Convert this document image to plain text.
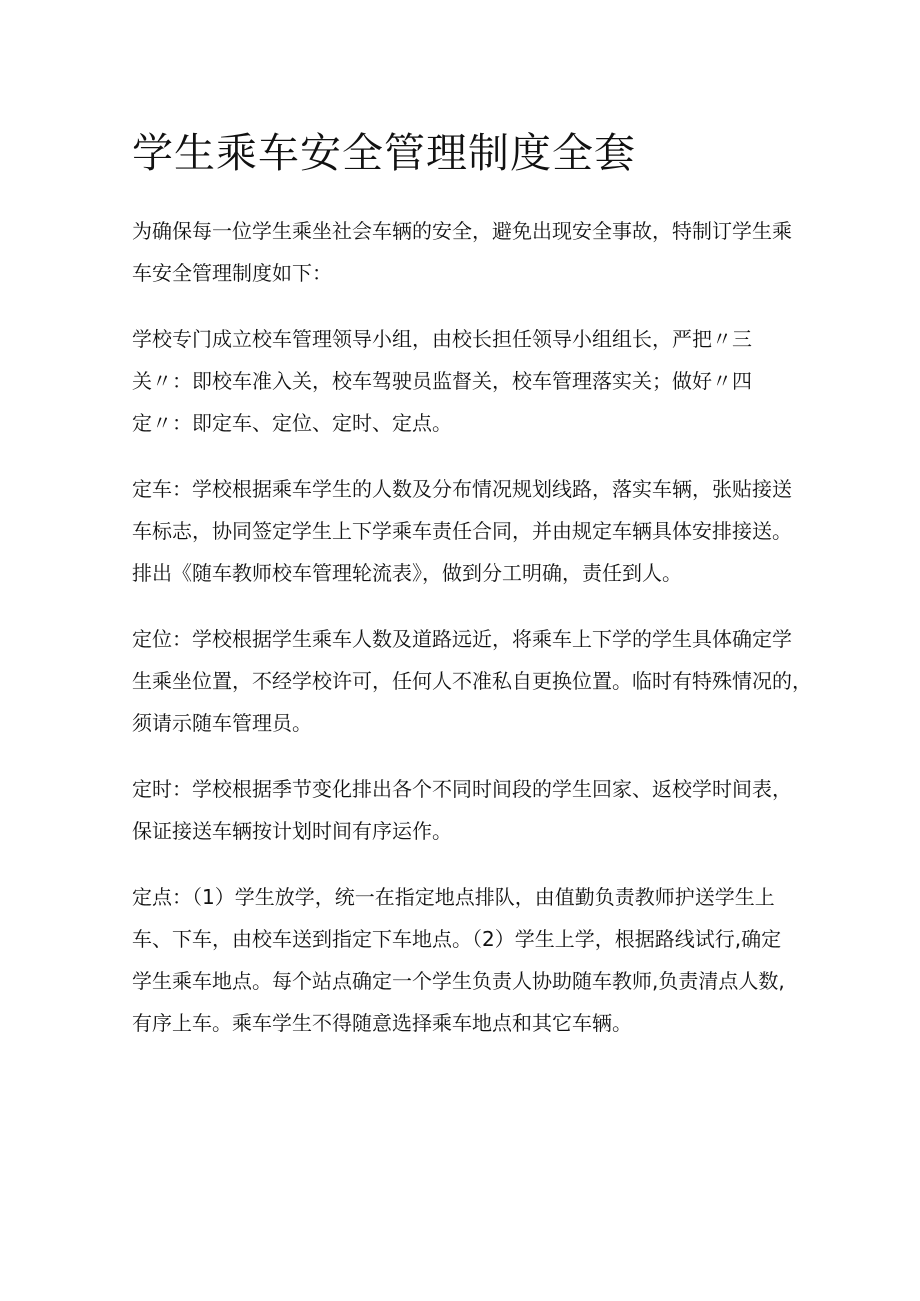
学生乘车安全管理制度全套

为确保每一位学生乘坐社会车辆的安全，避免出现安全事故，特制订学生乘
车安全管理制度如下：

学校专门成立校车管理领导小组，由校长担任领导小组组长，严把〃三
关〃：即校车准入关，校车驾驶员监督关，校车管理落实关；做好〃四
定〃：即定车、定位、定时、定点。

定车：学校根据乘车学生的人数及分布情况规划线路，落实车辆，张贴接送
车标志，协同签定学生上下学乘车责任合同，并由规定车辆具体安排接送。
排出《随车教师校车管理轮流表》，做到分工明确，责任到人。

定位：学校根据学生乘车人数及道路远近，将乘车上下学的学生具体确定学
生乘坐位置，不经学校许可，任何人不准私自更换位置。临时有特殊情况的，
须请示随车管理员。

定时：学校根据季节变化排出各个不同时间段的学生回家、返校学时间表，
保证接送车辆按计划时间有序运作。

定点：（1）学生放学，统一在指定地点排队，由值勤负责教师护送学生上
车、下车，由校车送到指定下车地点。（2）学生上学，根据路线试行,确定
学生乘车地点。每个站点确定一个学生负责人协助随车教师,负责清点人数,
有序上车。乘车学生不得随意选择乘车地点和其它车辆。
